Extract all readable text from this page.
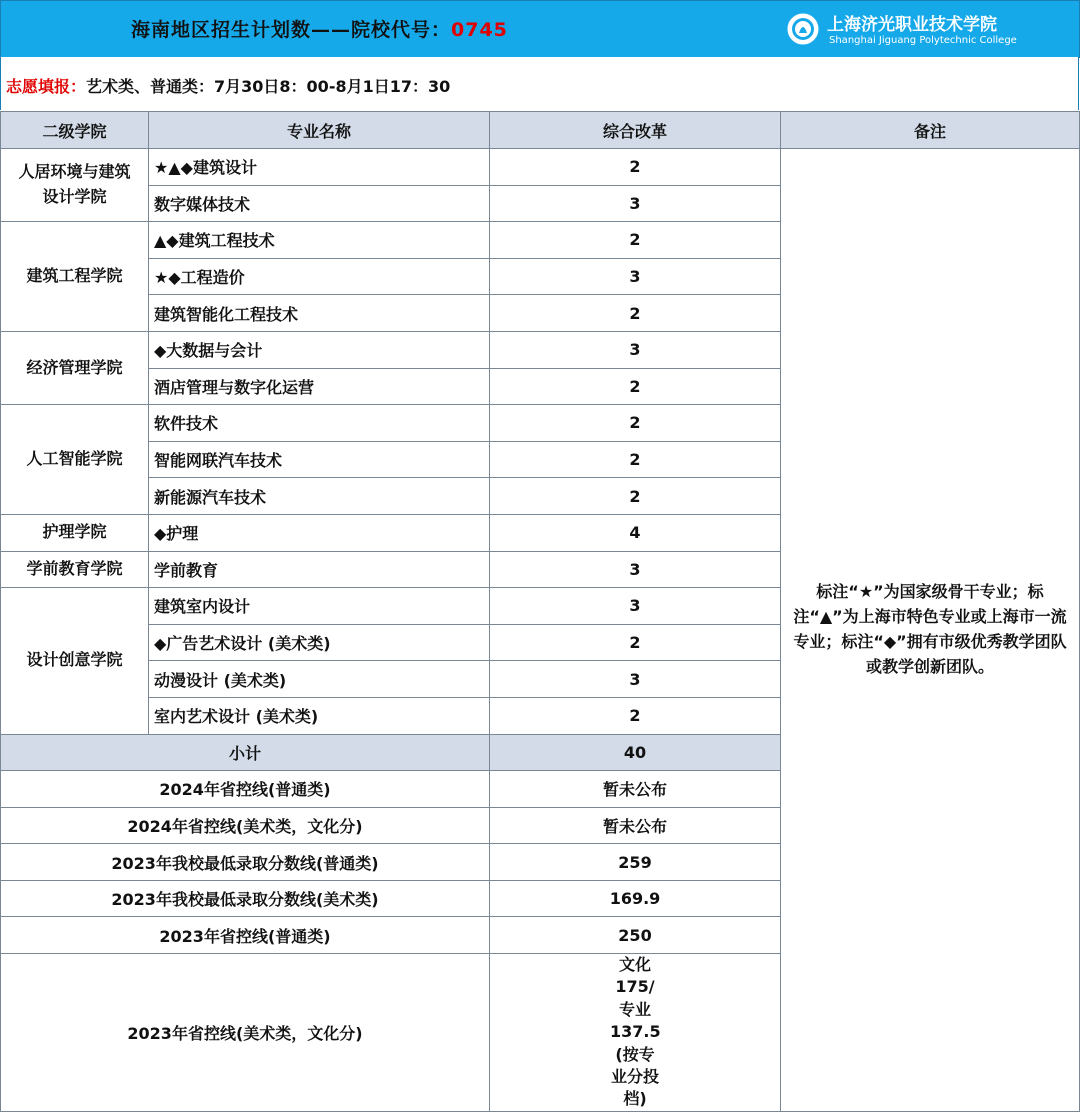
海南地区招生计划数——院校代号：0745	上海济光职业技术学院
Shanghai Jiguang Polytechnic College
志愿填报：艺术类、普通类：7月30日8：00-8月1日17：30
二级学院	专业名称	综合改革	备注
人居环境与建筑设计学院	★▲◆建筑设计	2	标注“★”为国家级骨干专业；标注“▲”为上海市特色专业或上海市一流专业；标注“◆”拥有市级优秀教学团队或教学创新团队。
	数字媒体技术	3	
建筑工程学院	▲◆建筑工程技术	2	
	★◆工程造价	3	
	建筑智能化工程技术	2	
经济管理学院	◆大数据与会计	3	
	酒店管理与数字化运营	2	
人工智能学院	软件技术	2	
	智能网联汽车技术	2	
	新能源汽车技术	2	
护理学院	◆护理	4	
学前教育学院	学前教育	3	
设计创意学院	建筑室内设计	3	
	◆广告艺术设计 (美术类)	2	
	动漫设计 (美术类)	3	
	室内艺术设计 (美术类)	2	
小计		40	
2024年省控线(普通类)		暂未公布	
2024年省控线(美术类，文化分)		暂未公布	
2023年我校最低录取分数线(普通类)		259	
2023年我校最低录取分数线(美术类)		169.9	
2023年省控线(普通类)		250	
2023年省控线(美术类，文化分)		文化175/专业137.5 (按专业分投档)	
